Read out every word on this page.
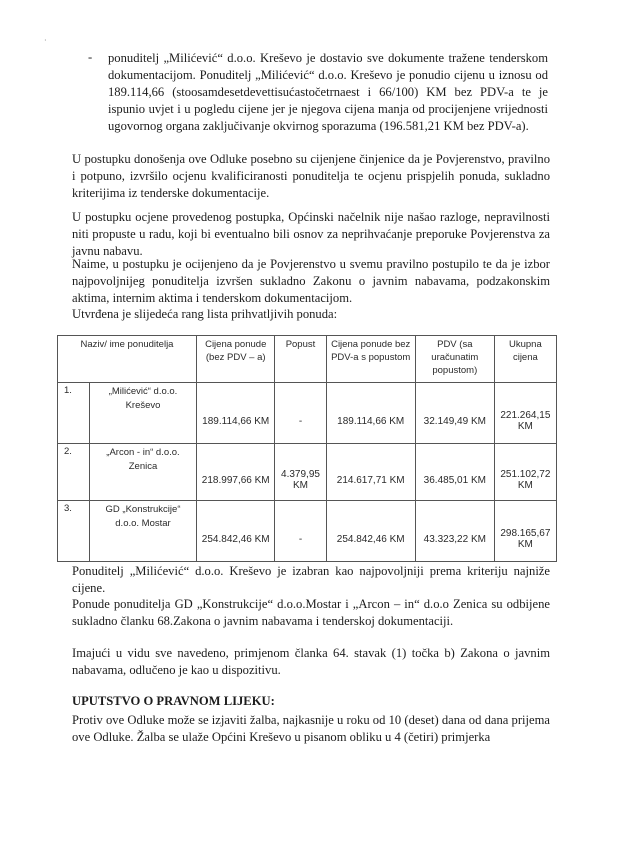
·
- ponuditelj „Milićević“ d.o.o. Kreševo je dostavio sve dokumente tražene tenderskom dokumentacijom. Ponuditelj „Milićević“ d.o.o. Kreševo je ponudio cijenu u iznosu od 189.114,66 (stoosamdesetdevettisućastočetrnaest i 66/100) KM bez PDV-a te je ispunio uvjet i u pogledu cijene jer je njegova cijena manja od procijenjene vrijednosti ugovornog organa zaključivanje okvirnog sporazuma (196.581,21 KM bez PDV-a).

U postupku donošenja ove Odluke posebno su cijenjene činjenice da je Povjerenstvo, pravilno i potpuno, izvršilo ocjenu kvalificiranosti ponuditelja te ocjenu prispjelih ponuda, sukladno kriterijima iz tenderske dokumentacije.

U postupku ocjene provedenog postupka, Općinski načelnik nije našao razloge, nepravilnosti niti propuste u radu, koji bi eventualno bili osnov za neprihvaćanje preporuke Povjerenstva za javnu nabavu.

Naime, u postupku je ocijenjeno da je Povjerenstvo u svemu pravilno postupilo te da je izbor najpovoljnijeg ponuditelja izvršen sukladno Zakonu o javnim nabavama, podzakonskim aktima, internim aktima i tenderskom dokumentacijom.

Utvrđena je slijedeća rang lista prihvatljivih ponuda:

Naziv/ ime ponuditelja		Cijena ponude (bez PDV – a)	Popust	Cijena ponude bez PDV-a s popustom	PDV (sa uračunatim popustom)	Ukupna cijena
1.	„Milićević“ d.o.o. Kreševo	189.114,66 KM	-	189.114,66 KM	32.149,49 KM	221.264,15 KM
2.	„Arcon - in“ d.o.o. Zenica	218.997,66 KM	4.379,95 KM	214.617,71 KM	36.485,01 KM	251.102,72 KM
3.	GD „Konstrukcije“ d.o.o. Mostar	254.842,46 KM	-	254.842,46 KM	43.323,22 KM	298.165,67 KM

Ponuditelj „Milićević“ d.o.o. Kreševo je izabran kao najpovoljniji prema kriteriju najniže cijene.

Ponude ponuditelja GD „Konstrukcije“ d.o.o.Mostar i „Arcon – in“ d.o.o Zenica su odbijene sukladno članku 68.Zakona o javnim nabavama i tenderskoj dokumentaciji.

Imajući u vidu sve navedeno, primjenom članka 64. stavak (1) točka b) Zakona o javnim nabavama, odlučeno je kao u dispozitivu.

UPUTSTVO O PRAVNOM LIJEKU:

Protiv ove Odluke može se izjaviti žalba, najkasnije u roku od 10 (deset) dana od dana prijema ove Odluke. Žalba se ulaže Općini Kreševo u pisanom obliku u 4 (četiri) primjerka
